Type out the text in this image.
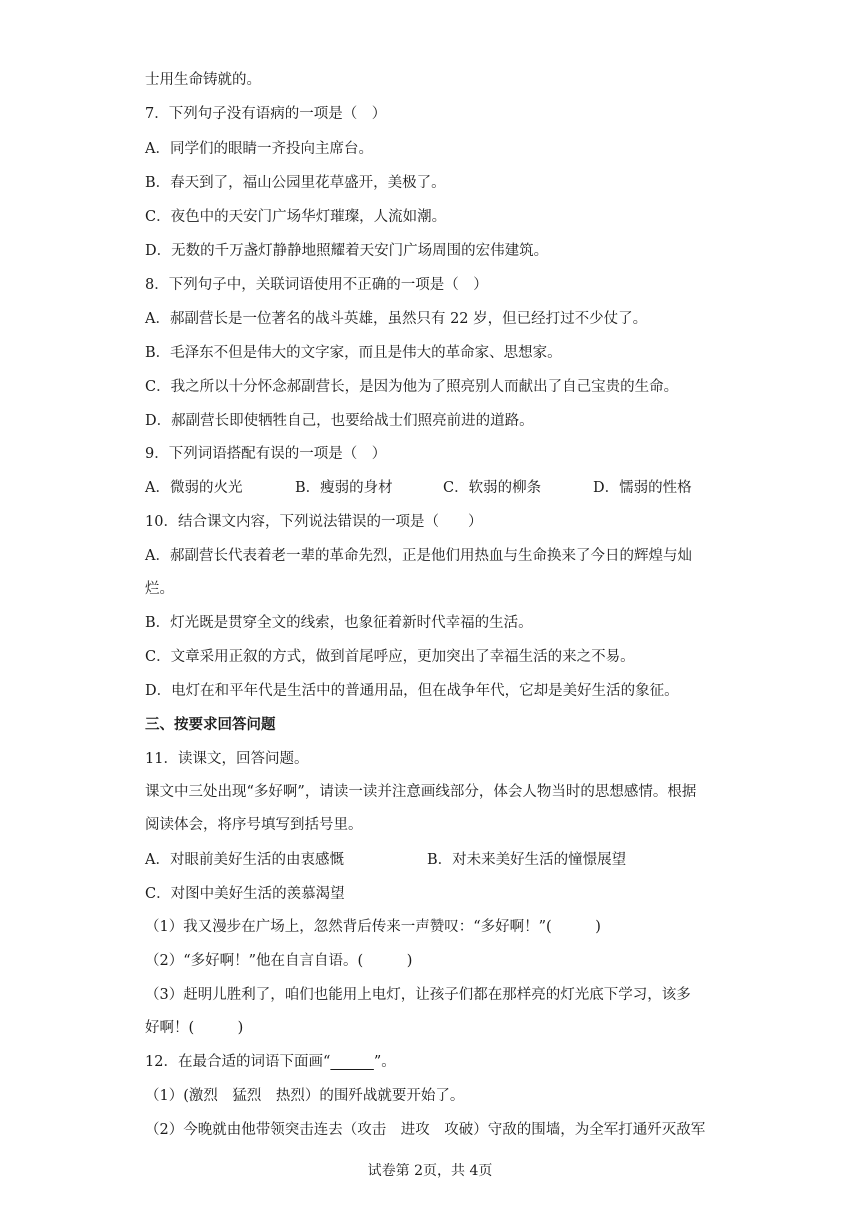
士用生命铸就的。
7．下列句子没有语病的一项是（　）
A．同学们的眼睛一齐投向主席台。
B．春天到了，福山公园里花草盛开，美极了。
C．夜色中的天安门广场华灯璀璨，人流如潮。
D．无数的千万盏灯静静地照耀着天安门广场周围的宏伟建筑。
8．下列句子中，关联词语使用不正确的一项是（　）
A．郝副营长是一位著名的战斗英雄，虽然只有 22 岁，但已经打过不少仗了。
B．毛泽东不但是伟大的文字家，而且是伟大的革命家、思想家。
C．我之所以十分怀念郝副营长，是因为他为了照亮别人而献出了自己宝贵的生命。
D．郝副营长即使牺牲自己，也要给战士们照亮前进的道路。
9．下列词语搭配有误的一项是（　）
A．微弱的火光	B．瘦弱的身材	C．软弱的柳条	D．懦弱的性格
10．结合课文内容，下列说法错误的一项是（　　）
A．郝副营长代表着老一辈的革命先烈，正是他们用热血与生命换来了今日的辉煌与灿
烂。
B．灯光既是贯穿全文的线索，也象征着新时代幸福的生活。
C．文章采用正叙的方式，做到首尾呼应，更加突出了幸福生活的来之不易。
D．电灯在和平年代是生活中的普通用品，但在战争年代，它却是美好生活的象征。
三、按要求回答问题
11．读课文，回答问题。
课文中三处出现“多好啊”，请读一读并注意画线部分，体会人物当时的思想感情。根据
阅读体会，将序号填写到括号里。
A．对眼前美好生活的由衷感慨	B．对未来美好生活的憧憬展望
C．对图中美好生活的羡慕渴望
（1）我又漫步在广场上，忽然背后传来一声赞叹：“多好啊！”(　　　)
（2）“多好啊！”他在自言自语。(　　　)
（3）赶明儿胜利了，咱们也能用上电灯，让孩子们都在那样亮的灯光底下学习，该多
好啊！(　　　)
12．在最合适的词语下面画“　　　	”。
（1）(激烈　猛烈　热烈）的围歼战就要开始了。
（2）今晚就由他带领突击连去（攻击　进攻　攻破）守敌的围墙，为全军打通歼灭敌军
试卷第 2页，共 4页
